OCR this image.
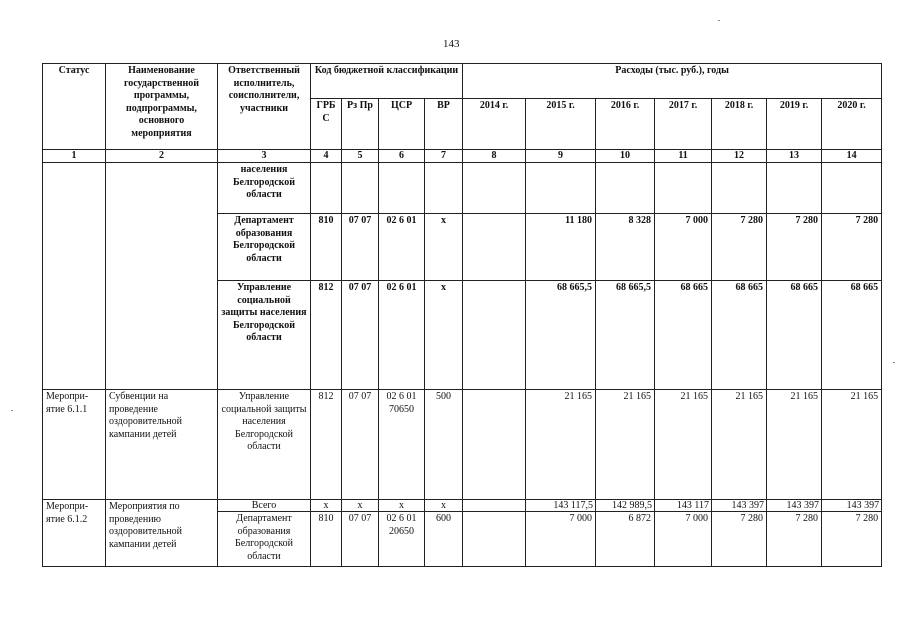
143
Статус	Наименование государственной программы, подпрограммы, основного мероприятия	Ответственный исполнитель, соисполнители, участники	Код бюджетной классификации				Расходы (тыс. руб.), годы						
			ГРБ С	Рз Пр	ЦСР	ВР	2014 г.	2015 г.	2016 г.	2017 г.	2018 г.	2019 г.	2020 г.
1	2	3	4	5	6	7	8	9	10	11	12	13	14
		населения Белгородской области											
		Департамент образования Белгородской области	810	07 07	02 6 01	х		11 180	8 328	7 000	7 280	7 280	7 280
		Управление социальной защиты населения Белгородской области	812	07 07	02 6 01	х		68 665,5	68 665,5	68 665	68 665	68 665	68 665
Меропри-ятие 6.1.1	Субвенции на проведение оздоровительной кампании детей	Управление социальной защиты населения Белгородской области	812	07 07	02 6 01 70650	500		21 165	21 165	21 165	21 165	21 165	21 165
Меропри-ятие 6.1.2	Мероприятия по проведению оздоровительной кампании детей	Всего	х	х	х	х		143 117,5	142 989,5	143 117	143 397	143 397	143 397
		Департамент образования Белгородской области	810	07 07	02 6 01 20650	600		7 000	6 872	7 000	7 280	7 280	7 280
